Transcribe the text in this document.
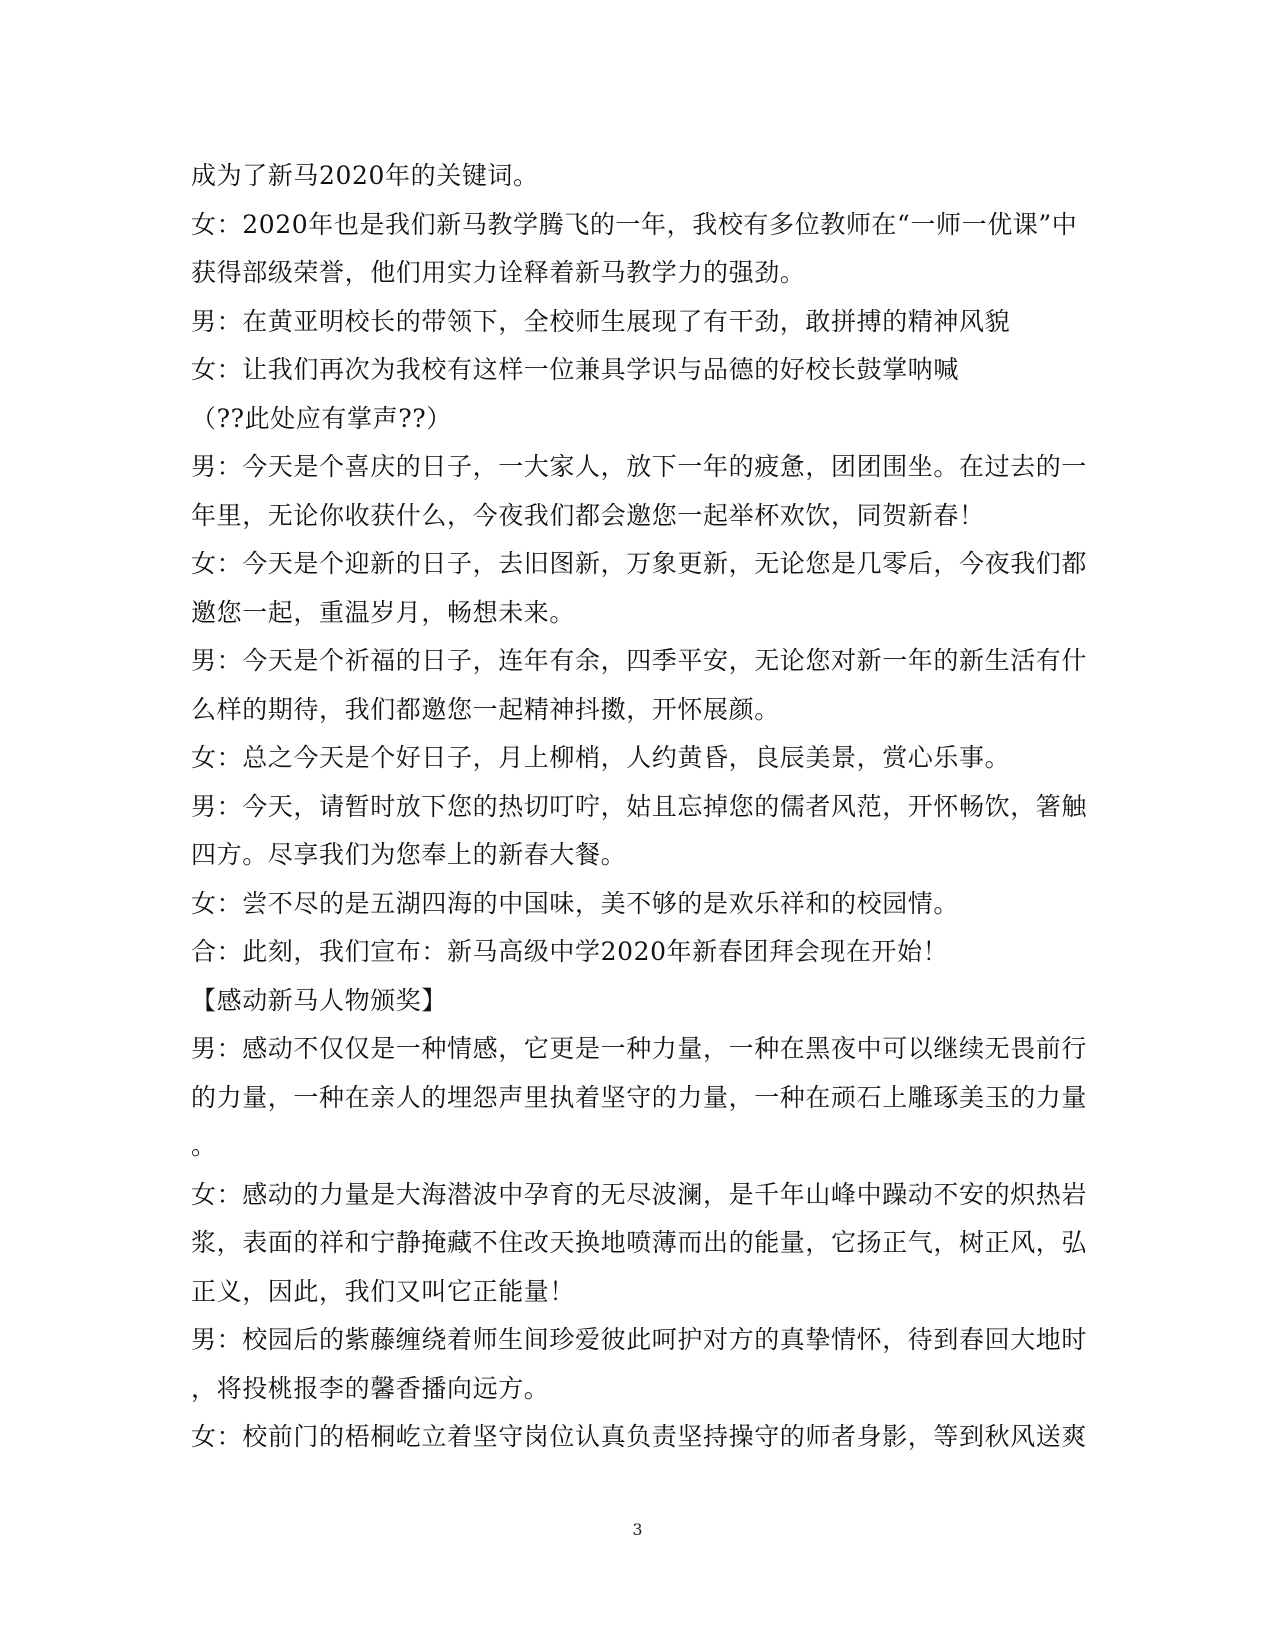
成为了新马2020年的关键词。
女：2020年也是我们新马教学腾飞的一年，我校有多位教师在“一师一优课”中
获得部级荣誉，他们用实力诠释着新马教学力的强劲。
男：在黄亚明校长的带领下，全校师生展现了有干劲，敢拼搏的精神风貌
女：让我们再次为我校有这样一位兼具学识与品德的好校长鼓掌呐喊
（??此处应有掌声??）
男：今天是个喜庆的日子，一大家人，放下一年的疲惫，团团围坐。在过去的一
年里，无论你收获什么，今夜我们都会邀您一起举杯欢饮，同贺新春！
女：今天是个迎新的日子，去旧图新，万象更新，无论您是几零后，今夜我们都
邀您一起，重温岁月，畅想未来。
男：今天是个祈福的日子，连年有余，四季平安，无论您对新一年的新生活有什
么样的期待，我们都邀您一起精神抖擞，开怀展颜。
女：总之今天是个好日子，月上柳梢，人约黄昏，良辰美景，赏心乐事。
男：今天，请暂时放下您的热切叮咛，姑且忘掉您的儒者风范，开怀畅饮，箸触
四方。尽享我们为您奉上的新春大餐。
女：尝不尽的是五湖四海的中国味，美不够的是欢乐祥和的校园情。
合：此刻，我们宣布：新马高级中学2020年新春团拜会现在开始！
【感动新马人物颁奖】
男：感动不仅仅是一种情感，它更是一种力量，一种在黑夜中可以继续无畏前行
的力量，一种在亲人的埋怨声里执着坚守的力量，一种在顽石上雕琢美玉的力量
。
女：感动的力量是大海潜波中孕育的无尽波澜，是千年山峰中躁动不安的炽热岩
浆，表面的祥和宁静掩藏不住改天换地喷薄而出的能量，它扬正气，树正风，弘
正义，因此，我们又叫它正能量！
男：校园后的紫藤缠绕着师生间珍爱彼此呵护对方的真挚情怀，待到春回大地时
，将投桃报李的馨香播向远方。
女：校前门的梧桐屹立着坚守岗位认真负责坚持操守的师者身影，等到秋风送爽
3
